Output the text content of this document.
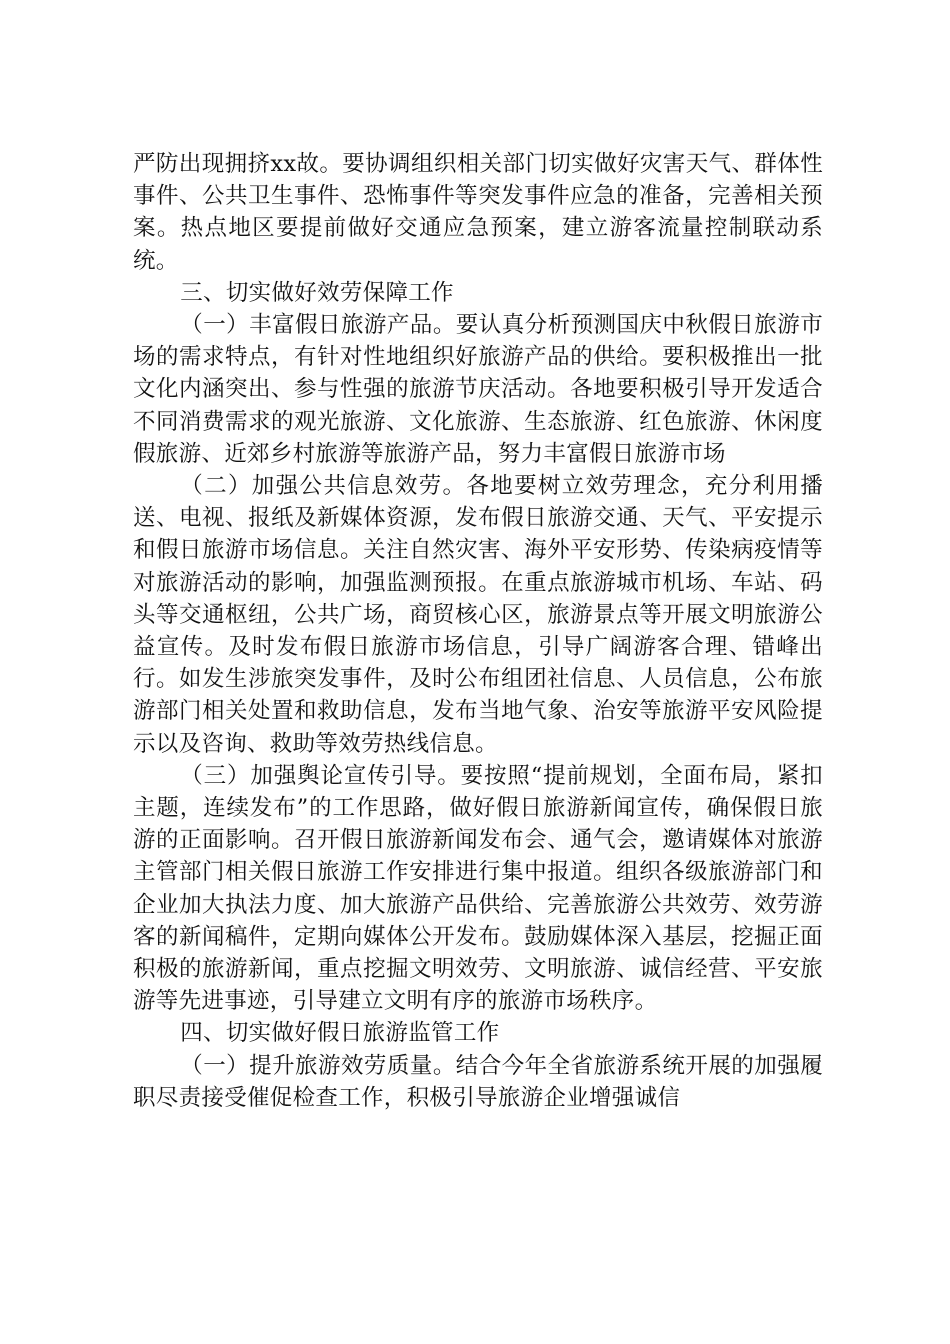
严防出现拥挤xx故。要协调组织相关部门切实做好灾害天气、群体性事件、公共卫生事件、恐怖事件等突发事件应急的准备，完善相关预案。热点地区要提前做好交通应急预案，建立游客流量控制联动系统。

三、切实做好效劳保障工作

（一）丰富假日旅游产品。要认真分析预测国庆中秋假日旅游市场的需求特点，有针对性地组织好旅游产品的供给。要积极推出一批文化内涵突出、参与性强的旅游节庆活动。各地要积极引导开发适合不同消费需求的观光旅游、文化旅游、生态旅游、红色旅游、休闲度假旅游、近郊乡村旅游等旅游产品，努力丰富假日旅游市场

（二）加强公共信息效劳。各地要树立效劳理念，充分利用播送、电视、报纸及新媒体资源，发布假日旅游交通、天气、平安提示和假日旅游市场信息。关注自然灾害、海外平安形势、传染病疫情等对旅游活动的影响，加强监测预报。在重点旅游城市机场、车站、码头等交通枢纽，公共广场，商贸核心区，旅游景点等开展文明旅游公益宣传。及时发布假日旅游市场信息，引导广阔游客合理、错峰出行。如发生涉旅突发事件，及时公布组团社信息、人员信息，公布旅游部门相关处置和救助信息，发布当地气象、治安等旅游平安风险提示以及咨询、救助等效劳热线信息。

（三）加强舆论宣传引导。要按照“提前规划，全面布局，紧扣主题，连续发布”的工作思路，做好假日旅游新闻宣传，确保假日旅游的正面影响。召开假日旅游新闻发布会、通气会，邀请媒体对旅游主管部门相关假日旅游工作安排进行集中报道。组织各级旅游部门和企业加大执法力度、加大旅游产品供给、完善旅游公共效劳、效劳游客的新闻稿件，定期向媒体公开发布。鼓励媒体深入基层，挖掘正面积极的旅游新闻，重点挖掘文明效劳、文明旅游、诚信经营、平安旅游等先进事迹，引导建立文明有序的旅游市场秩序。

四、切实做好假日旅游监管工作

（一）提升旅游效劳质量。结合今年全省旅游系统开展的加强履职尽责接受催促检查工作，积极引导旅游企业增强诚信
